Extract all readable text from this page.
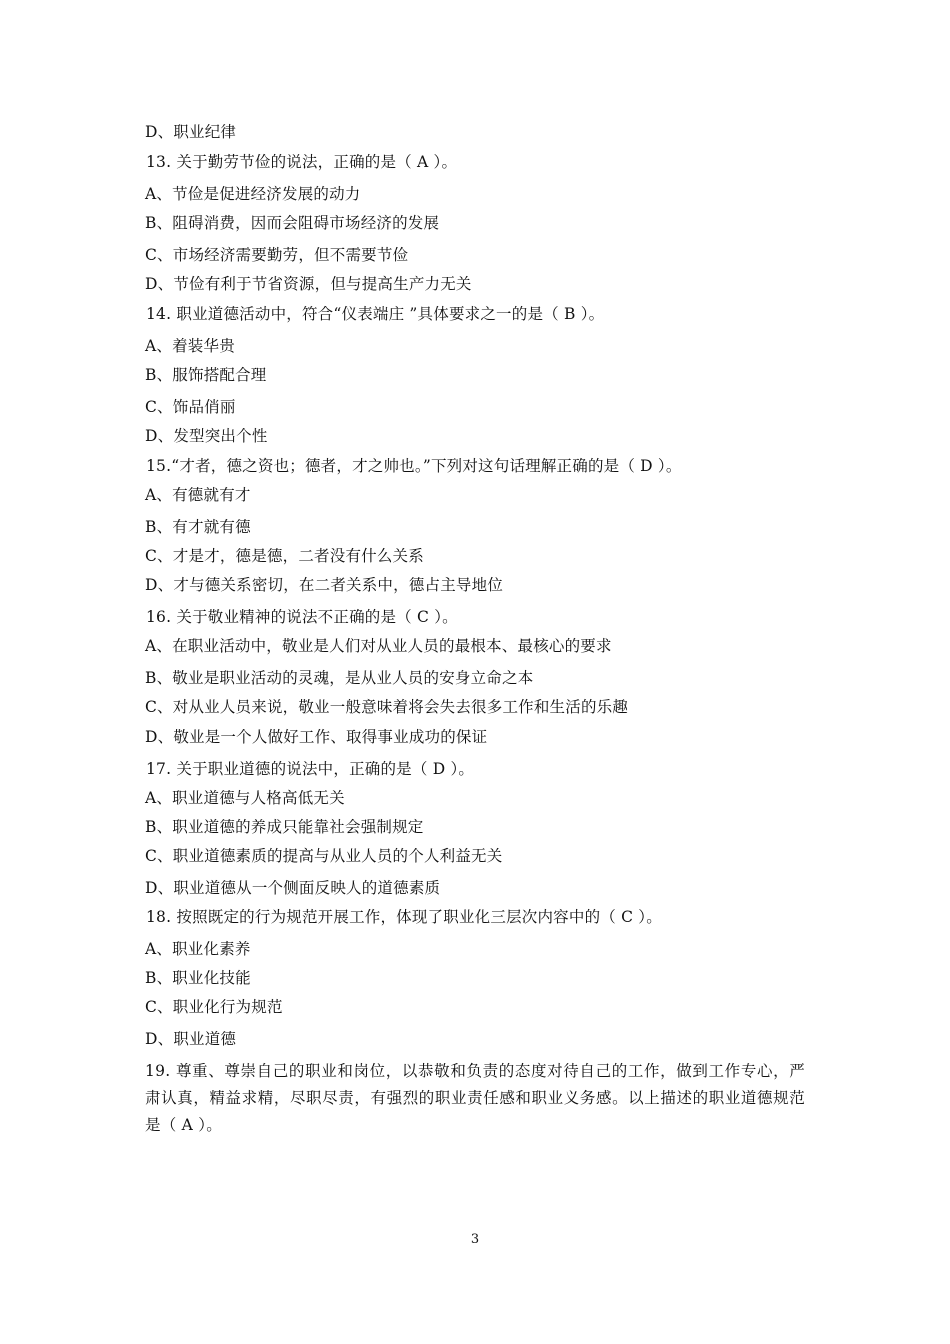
D、职业纪律
13. 关于勤劳节俭的说法，正确的是（ A ）。
A、节俭是促进经济发展的动力
B、阻碍消费，因而会阻碍市场经济的发展
C、市场经济需要勤劳，但不需要节俭
D、节俭有利于节省资源，但与提高生产力无关
14. 职业道德活动中，符合“仪表端庄 ”具体要求之一的是（ B ）。
A、着装华贵
B、服饰搭配合理
C、饰品俏丽
D、发型突出个性
15.“才者，德之资也；德者，才之帅也。”下列对这句话理解正确的是（ D ）。
A、有德就有才
B、有才就有德
C、才是才，德是德，二者没有什么关系
D、才与德关系密切，在二者关系中，德占主导地位
16. 关于敬业精神的说法不正确的是（ C ）。
A、在职业活动中，敬业是人们对从业人员的最根本、最核心的要求
B、敬业是职业活动的灵魂，是从业人员的安身立命之本
C、对从业人员来说，敬业一般意味着将会失去很多工作和生活的乐趣
D、敬业是一个人做好工作、取得事业成功的保证
17. 关于职业道德的说法中，正确的是（ D ）。
A、职业道德与人格高低无关
B、职业道德的养成只能靠社会强制规定
C、职业道德素质的提高与从业人员的个人利益无关
D、职业道德从一个侧面反映人的道德素质
18. 按照既定的行为规范开展工作，体现了职业化三层次内容中的（ C ）。
A、职业化素养
B、职业化技能
C、职业化行为规范
D、职业道德
19. 尊重、尊崇自己的职业和岗位，以恭敬和负责的态度对待自己的工作，做到工作专心，严肃认真，精益求精，尽职尽责，有强烈的职业责任感和职业义务感。以上描述的职业道德规范是（ A ）。
3
